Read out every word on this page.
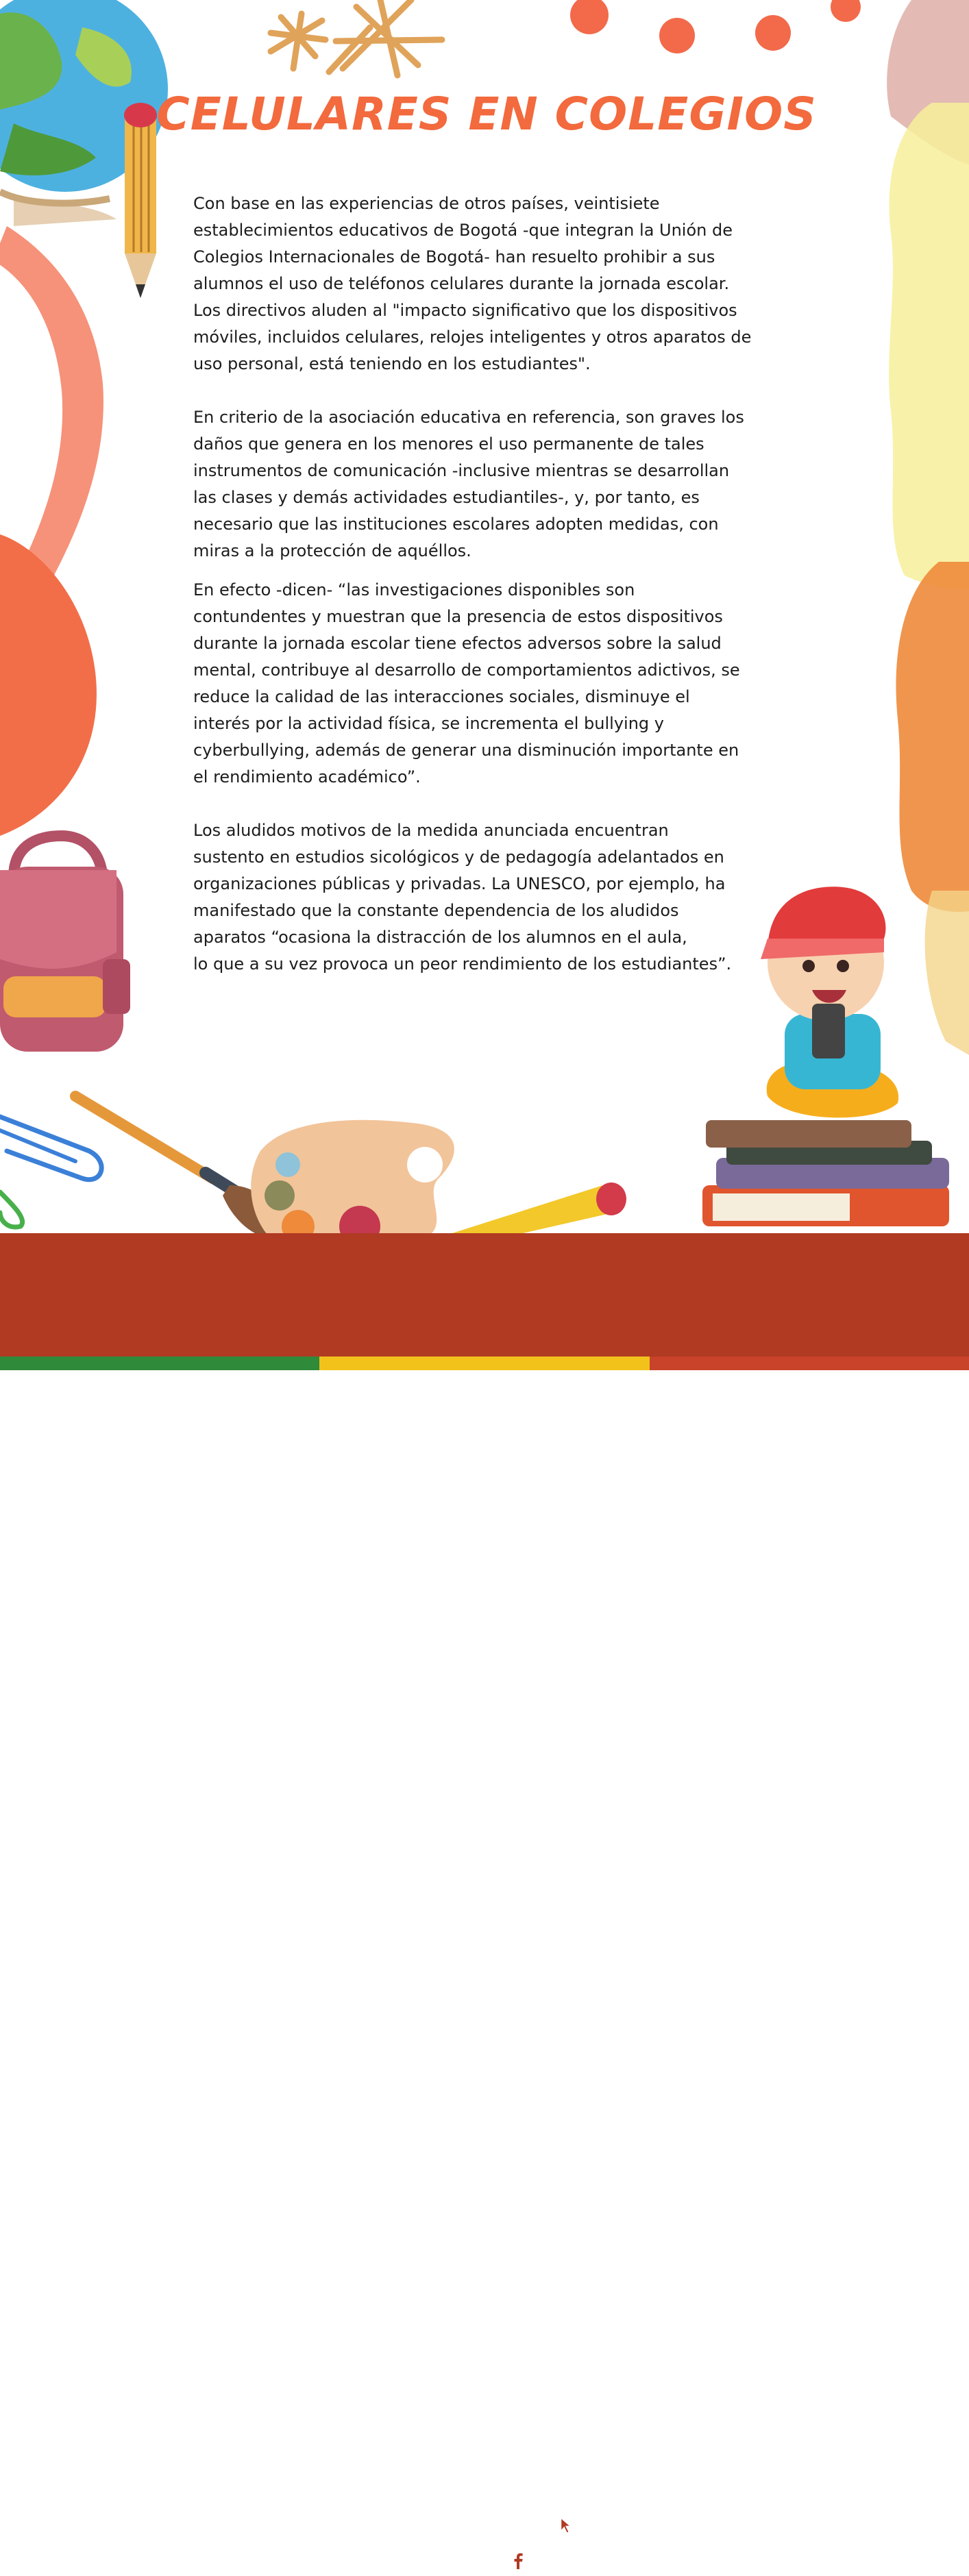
CELULARES EN COLEGIOS

Con base en las experiencias de otros países, veintisiete
establecimientos educativos de Bogotá -que integran la Unión de
Colegios Internacionales de Bogotá- han resuelto prohibir a sus
alumnos el uso de teléfonos celulares durante la jornada escolar.
Los directivos aluden al "impacto significativo que los dispositivos
móviles, incluidos celulares, relojes inteligentes y otros aparatos de
uso personal, está teniendo en los estudiantes".

En criterio de la asociación educativa en referencia, son graves los
daños que genera en los menores el uso permanente de tales
instrumentos de comunicación -inclusive mientras se desarrollan
las clases y demás actividades estudiantiles-, y, por tanto, es
necesario que las instituciones escolares adopten medidas, con
miras a la protección de aquéllos.

En efecto -dicen- “las investigaciones disponibles son
contundentes y muestran que la presencia de estos dispositivos
durante la jornada escolar tiene efectos adversos sobre la salud
mental, contribuye al desarrollo de comportamientos adictivos, se
reduce la calidad de las interacciones sociales, disminuye el
interés por la actividad física, se incrementa el bullying y
cyberbullying, además de generar una disminución importante en
el rendimiento académico”.

Los aludidos motivos de la medida anunciada encuentran
sustento en estudios sicológicos y de pedagogía adelantados en
organizaciones públicas y privadas. La UNESCO, por ejemplo, ha
manifestado que la constante dependencia de los aludidos
aparatos “ocasiona la distracción de los alumnos en el aula,
lo que a su vez provoca un peor rendimiento de los estudiantes”.

Confederación
Colombiana de
Consumidores
Informa, Educa y Protege
ccconsumidores.org.co
@consumidoresccc
